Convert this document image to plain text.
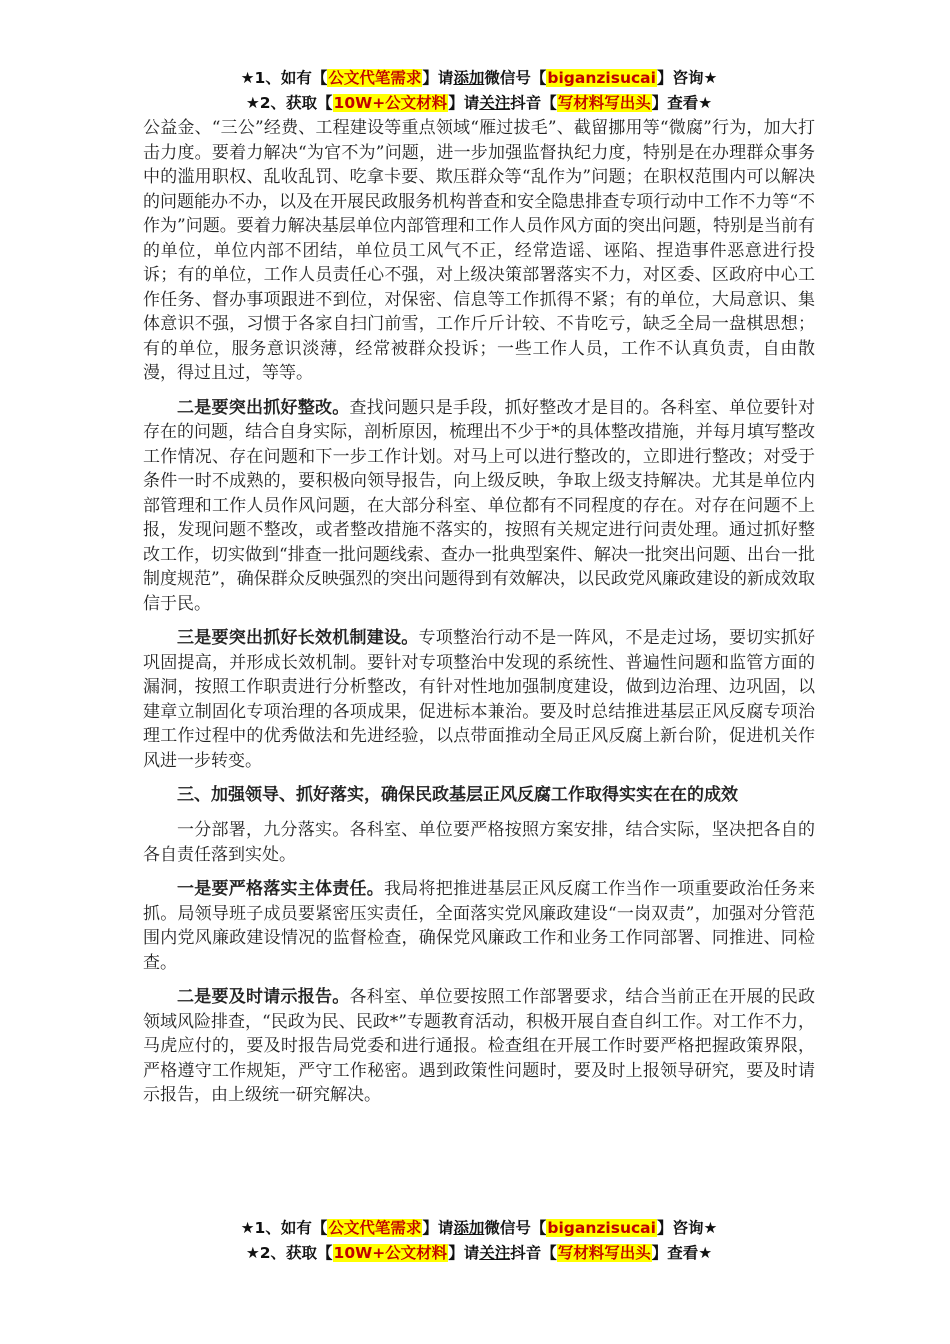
★1、如有【公文代笔需求】请添加微信号【biganzisucai】咨询★
★2、获取【10W+公文材料】请关注抖音【写材料写出头】查看★

公益金、“三公”经费、工程建设等重点领域“雁过拔毛”、截留挪用等“微腐”行为，加大打击力度。要着力解决“为官不为”问题，进一步加强监督执纪力度，特别是在办理群众事务中的滥用职权、乱收乱罚、吃拿卡要、欺压群众等“乱作为”问题；在职权范围内可以解决的问题能办不办，以及在开展民政服务机构普查和安全隐患排查专项行动中工作不力等“不作为”问题。要着力解决基层单位内部管理和工作人员作风方面的突出问题，特别是当前有的单位，单位内部不团结，单位员工风气不正，经常造谣、诬陷、捏造事件恶意进行投诉；有的单位，工作人员责任心不强，对上级决策部署落实不力，对区委、区政府中心工作任务、督办事项跟进不到位，对保密、信息等工作抓得不紧；有的单位，大局意识、集体意识不强，习惯于各家自扫门前雪，工作斤斤计较、不肯吃亏，缺乏全局一盘棋思想；有的单位，服务意识淡薄，经常被群众投诉；一些工作人员，工作不认真负责，自由散漫，得过且过，等等。

二是要突出抓好整改。查找问题只是手段，抓好整改才是目的。各科室、单位要针对存在的问题，结合自身实际，剖析原因，梳理出不少于*的具体整改措施，并每月填写整改工作情况、存在问题和下一步工作计划。对马上可以进行整改的，立即进行整改；对受于条件一时不成熟的，要积极向领导报告，向上级反映，争取上级支持解决。尤其是单位内部管理和工作人员作风问题，在大部分科室、单位都有不同程度的存在。对存在问题不上报，发现问题不整改，或者整改措施不落实的，按照有关规定进行问责处理。通过抓好整改工作，切实做到“排查一批问题线索、查办一批典型案件、解决一批突出问题、出台一批制度规范”，确保群众反映强烈的突出问题得到有效解决，以民政党风廉政建设的新成效取信于民。

三是要突出抓好长效机制建设。专项整治行动不是一阵风，不是走过场，要切实抓好巩固提高，并形成长效机制。要针对专项整治中发现的系统性、普遍性问题和监管方面的漏洞，按照工作职责进行分析整改，有针对性地加强制度建设，做到边治理、边巩固，以建章立制固化专项治理的各项成果，促进标本兼治。要及时总结推进基层正风反腐专项治理工作过程中的优秀做法和先进经验，以点带面推动全局正风反腐上新台阶，促进机关作风进一步转变。

三、加强领导、抓好落实，确保民政基层正风反腐工作取得实实在在的成效

一分部署，九分落实。各科室、单位要严格按照方案安排，结合实际，坚决把各自的各自责任落到实处。

一是要严格落实主体责任。我局将把推进基层正风反腐工作当作一项重要政治任务来抓。局领导班子成员要紧密压实责任，全面落实党风廉政建设“一岗双责”，加强对分管范围内党风廉政建设情况的监督检查，确保党风廉政工作和业务工作同部署、同推进、同检查。

二是要及时请示报告。各科室、单位要按照工作部署要求，结合当前正在开展的民政领域风险排查，“民政为民、民政*”专题教育活动，积极开展自查自纠工作。对工作不力，马虎应付的，要及时报告局党委和进行通报。检查组在开展工作时要严格把握政策界限，严格遵守工作规矩，严守工作秘密。遇到政策性问题时，要及时上报领导研究，要及时请示报告，由上级统一研究解决。

★1、如有【公文代笔需求】请添加微信号【biganzisucai】咨询★
★2、获取【10W+公文材料】请关注抖音【写材料写出头】查看★
